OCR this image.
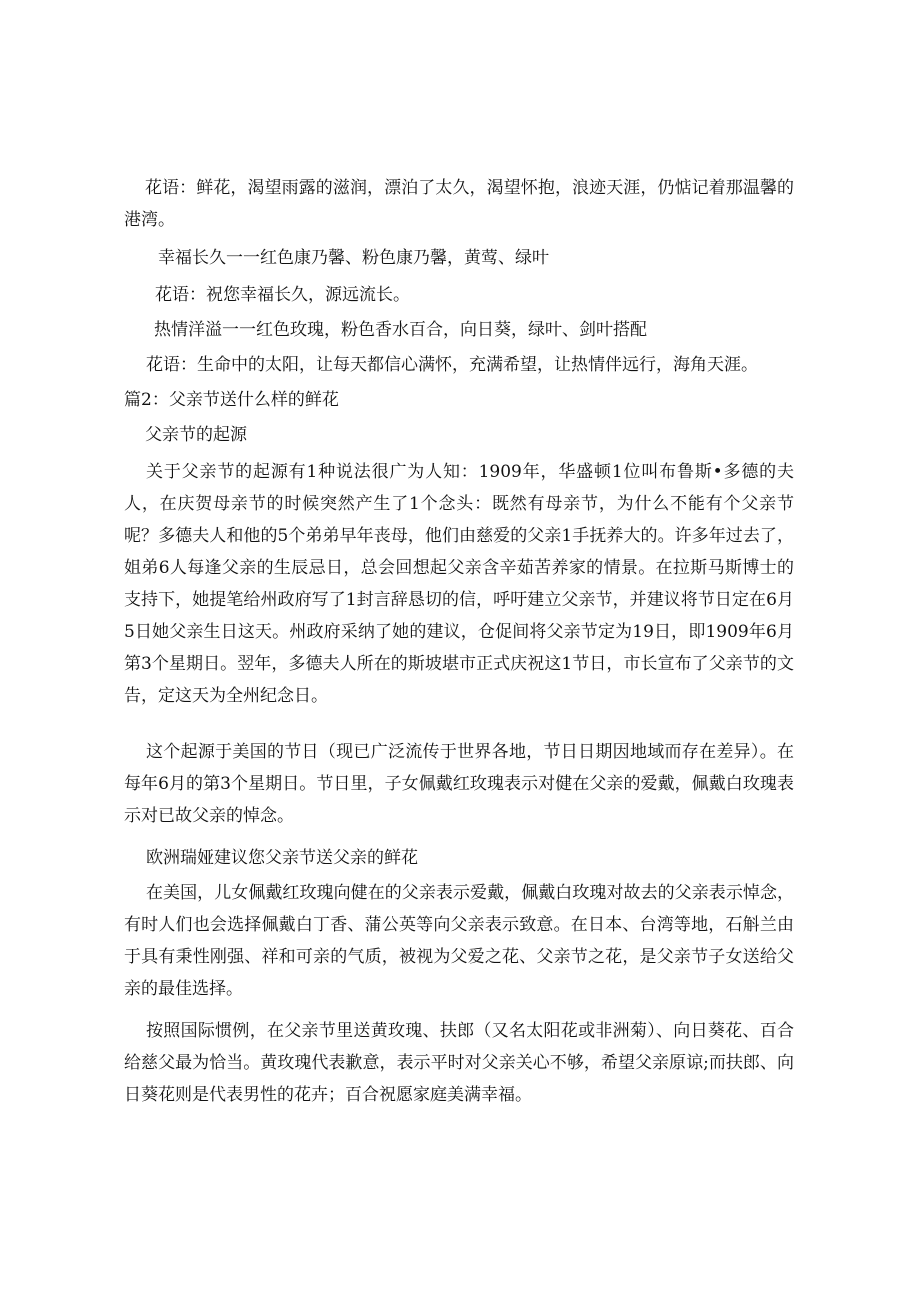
花语：鲜花，渴望雨露的滋润，漂泊了太久，渴望怀抱，浪迹天涯，仍惦记着那温馨的港湾。

幸福长久一一红色康乃馨、粉色康乃馨，黄莺、绿叶

花语：祝您幸福长久，源远流长。

热情洋溢一一红色玫瑰，粉色香水百合，向日葵，绿叶、剑叶搭配

花语：生命中的太阳，让每天都信心满怀，充满希望，让热情伴远行，海角天涯。

篇2：父亲节送什么样的鲜花

父亲节的起源

关于父亲节的起源有1种说法很广为人知：1909年，华盛顿1位叫布鲁斯•多德的夫人，在庆贺母亲节的时候突然产生了1个念头：既然有母亲节，为什么不能有个父亲节呢？多德夫人和他的5个弟弟早年丧母，他们由慈爱的父亲1手抚养大的。许多年过去了，姐弟6人每逢父亲的生辰忌日，总会回想起父亲含辛茹苦养家的情景。在拉斯马斯博士的支持下，她提笔给州政府写了1封言辞恳切的信，呼吁建立父亲节，并建议将节日定在6月5日她父亲生日这天。州政府采纳了她的建议，仓促间将父亲节定为19日，即1909年6月第3个星期日。翌年，多德夫人所在的斯坡堪市正式庆祝这1节日，市长宣布了父亲节的文告，定这天为全州纪念日。

这个起源于美国的节日（现已广泛流传于世界各地，节日日期因地域而存在差异）。在每年6月的第3个星期日。节日里，子女佩戴红玫瑰表示对健在父亲的爱戴，佩戴白玫瑰表示对已故父亲的悼念。

欧洲瑞娅建议您父亲节送父亲的鲜花

在美国，儿女佩戴红玫瑰向健在的父亲表示爱戴，佩戴白玫瑰对故去的父亲表示悼念，有时人们也会选择佩戴白丁香、蒲公英等向父亲表示致意。在日本、台湾等地，石斛兰由于具有秉性刚强、祥和可亲的气质，被视为父爱之花、父亲节之花，是父亲节子女送给父亲的最佳选择。

按照国际惯例，在父亲节里送黄玫瑰、扶郎（又名太阳花或非洲菊）、向日葵花、百合给慈父最为恰当。黄玫瑰代表歉意，表示平时对父亲关心不够，希望父亲原谅;而扶郎、向日葵花则是代表男性的花卉；百合祝愿家庭美满幸福。
